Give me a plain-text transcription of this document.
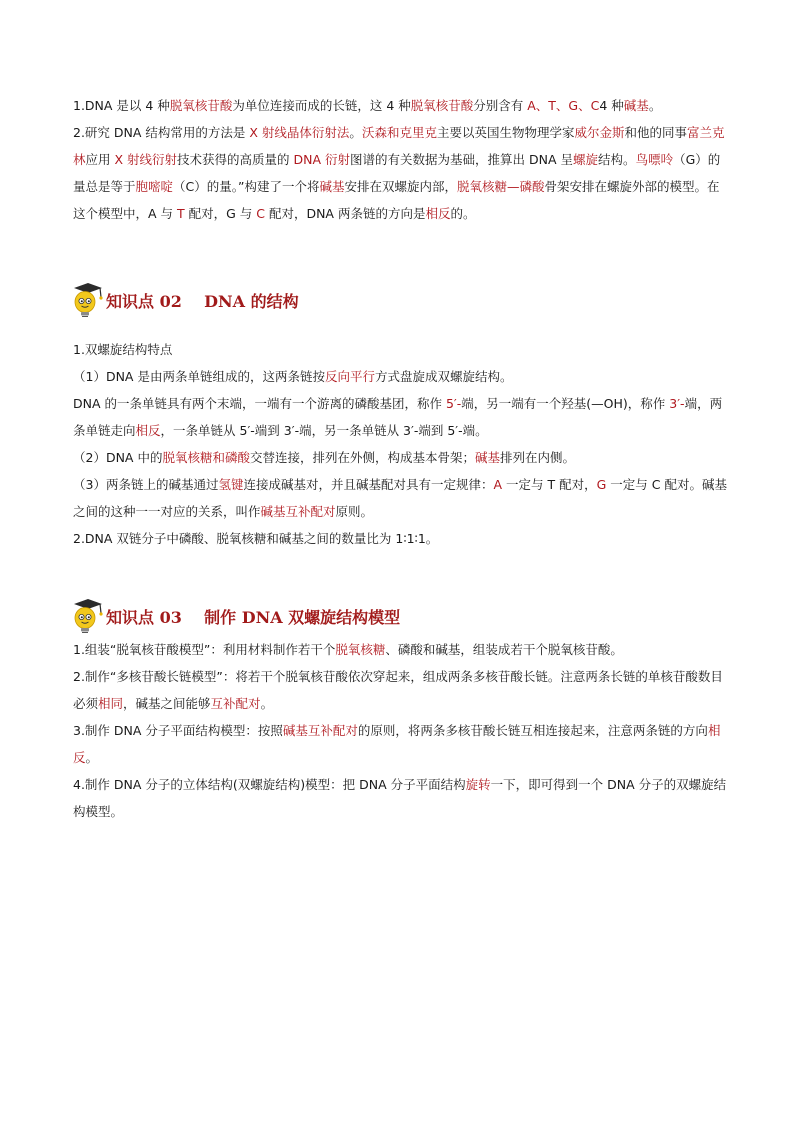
1.DNA 是以 4 种脱氧核苷酸为单位连接而成的长链，这 4 种脱氧核苷酸分别含有 A、T、G、C4 种碱基。

2.研究 DNA 结构常用的方法是 X 射线晶体衍射法。沃森和克里克主要以英国生物物理学家威尔金斯和他的同事富兰克林应用 X 射线衍射技术获得的高质量的 DNA 衍射图谱的有关数据为基础，推算出 DNA 呈螺旋结构。鸟嘌呤（G）的量总是等于胞嘧啶（C）的量。”构建了一个将碱基安排在双螺旋内部，脱氧核糖—磷酸骨架安排在螺旋外部的模型。在这个模型中，A 与 T 配对，G 与 C 配对，DNA 两条链的方向是相反的。

知识点 02    DNA 的结构

1.双螺旋结构特点

（1）DNA 是由两条单链组成的，这两条链按反向平行方式盘旋成双螺旋结构。

DNA 的一条单链具有两个末端，一端有一个游离的磷酸基团，称作 5′-端，另一端有一个羟基(—OH)，称作 3′-端，两条单链走向相反，一条单链从 5′-端到 3′-端，另一条单链从 3′-端到 5′-端。

（2）DNA 中的脱氧核糖和磷酸交替连接，排列在外侧，构成基本骨架；碱基排列在内侧。

（3）两条链上的碱基通过氢键连接成碱基对，并且碱基配对具有一定规律：A 一定与 T 配对，G 一定与 C 配对。碱基之间的这种一一对应的关系，叫作碱基互补配对原则。

2.DNA 双链分子中磷酸、脱氧核糖和碱基之间的数量比为 1∶1∶1。

知识点 03    制作 DNA 双螺旋结构模型

1.组装“脱氧核苷酸模型”：利用材料制作若干个脱氧核糖、磷酸和碱基，组装成若干个脱氧核苷酸。

2.制作“多核苷酸长链模型”：将若干个脱氧核苷酸依次穿起来，组成两条多核苷酸长链。注意两条长链的单核苷酸数目必须相同，碱基之间能够互补配对。

3.制作 DNA 分子平面结构模型：按照碱基互补配对的原则，将两条多核苷酸长链互相连接起来，注意两条链的方向相反。

4.制作 DNA 分子的立体结构(双螺旋结构)模型：把 DNA 分子平面结构旋转一下，即可得到一个 DNA 分子的双螺旋结构模型。
